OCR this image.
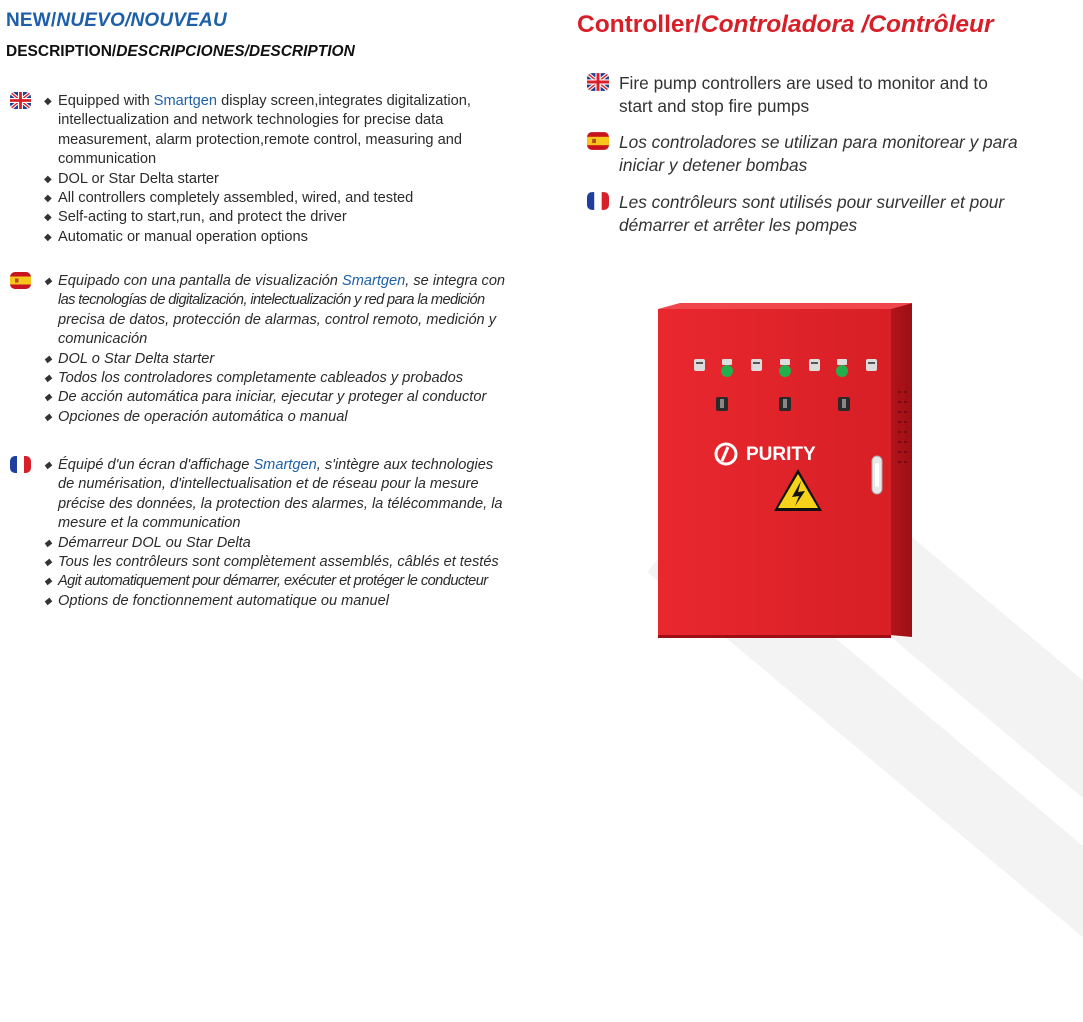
NEW/NUEVO/NOUVEAU
DESCRIPTION/DESCRIPCIONES/DESCRIPTION
◆ Equipped with Smartgen display screen,integrates digitalization,
intellectualization and network technologies for precise data
measurement, alarm protection,remote control, measuring and
communication
◆ DOL or Star Delta starter
◆ All controllers completely assembled, wired, and tested
◆ Self-acting to start,run, and protect the driver
◆ Automatic or manual operation options
◆ Equipado con una pantalla de visualización Smartgen, se integra con
las tecnologías de digitalización, intelectualización y red para la medición
precisa de datos, protección de alarmas, control remoto, medición y
comunicación
◆ DOL o Star Delta starter
◆ Todos los controladores completamente cableados y probados
◆ De acción automática para iniciar, ejecutar y proteger al conductor
◆ Opciones de operación automática o manual
◆ Équipé d'un écran d'affichage Smartgen, s'intègre aux technologies
de numérisation, d'intellectualisation et de réseau pour la mesure
précise des données, la protection des alarmes, la télécommande, la
mesure et la communication
◆ Démarreur DOL ou Star Delta
◆ Tous les contrôleurs sont complètement assemblés, câblés et testés
◆ Agit automatiquement pour démarrer, exécuter et protéger le conducteur
◆ Options de fonctionnement automatique ou manuel
Controller/Controladora /Contrôleur
Fire pump controllers are used to monitor and to
start and stop fire pumps
Los controladores se utilizan para monitorear y para
iniciar y detener bombas
Les contrôleurs sont utilisés pour surveiller et pour
démarrer et arrêter les pompes
PURITY
